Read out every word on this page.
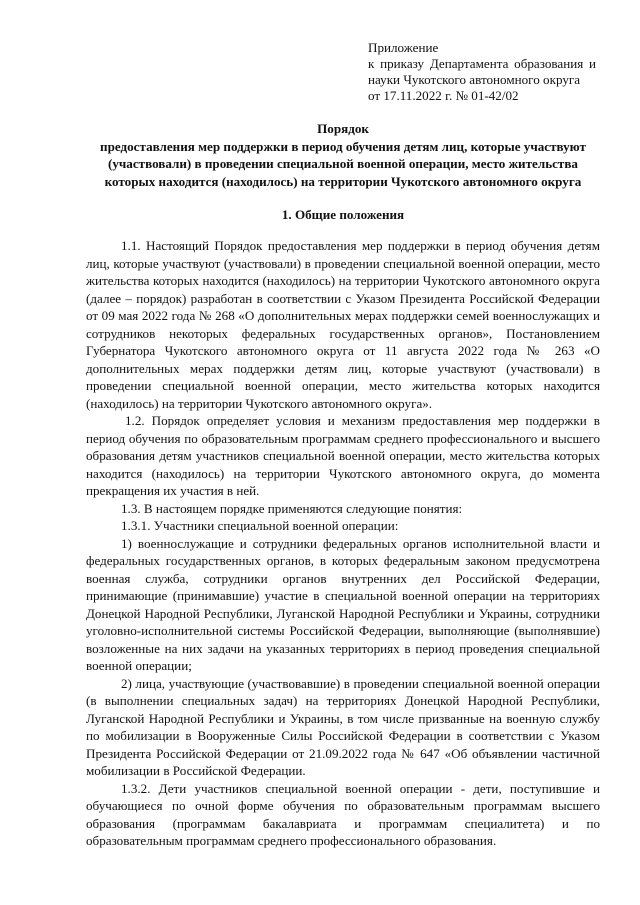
Приложение
к приказу Департамента образования и науки Чукотского автономного округа
от 17.11.2022 г. № 01-42/02
Порядок
предоставления мер поддержки в период обучения детям лиц, которые участвуют (участвовали) в проведении специальной военной операции, место жительства которых находится (находилось) на территории Чукотского автономного округа
1. Общие положения

1.1. Настоящий Порядок предоставления мер поддержки в период обучения детям лиц, которые участвуют (участвовали) в проведении специальной военной операции, место жительства которых находится (находилось) на территории Чукотского автономного округа (далее – порядок) разработан в соответствии с Указом Президента Российской Федерации от 09 мая 2022 года № 268 «О дополнительных мерах поддержки семей военнослужащих и сотрудников некоторых федеральных государственных органов», Постановлением Губернатора Чукотского автономного округа от 11 августа 2022 года № 263 «О дополнительных мерах поддержки детям лиц, которые участвуют (участвовали) в проведении специальной военной операции, место жительства которых находится (находилось) на территории Чукотского автономного округа».

1.2. Порядок определяет условия и механизм предоставления мер поддержки в период обучения по образовательным программам среднего профессионального и высшего образования детям участников специальной военной операции, место жительства которых находится (находилось) на территории Чукотского автономного округа, до момента прекращения их участия в ней.

1.3. В настоящем порядке применяются следующие понятия:

1.3.1. Участники специальной военной операции:

1) военнослужащие и сотрудники федеральных органов исполнительной власти и федеральных государственных органов, в которых федеральным законом предусмотрена военная служба, сотрудники органов внутренних дел Российской Федерации, принимающие (принимавшие) участие в специальной военной операции на территориях Донецкой Народной Республики, Луганской Народной Республики и Украины, сотрудники уголовно-исполнительной системы Российской Федерации, выполняющие (выполнявшие) возложенные на них задачи на указанных территориях в период проведения специальной военной операции;

2) лица, участвующие (участвовавшие) в проведении специальной военной операции (в выполнении специальных задач) на территориях Донецкой Народной Республики, Луганской Народной Республики и Украины, в том числе призванные на военную службу по мобилизации в Вооруженные Силы Российской Федерации в соответствии с Указом Президента Российской Федерации от 21.09.2022 года № 647 «Об объявлении частичной мобилизации в Российской Федерации.

1.3.2. Дети участников специальной военной операции - дети, поступившие и обучающиеся по очной форме обучения по образовательным программам высшего образования (программам бакалавриата и программам специалитета) и по образовательным программам среднего профессионального образования.
